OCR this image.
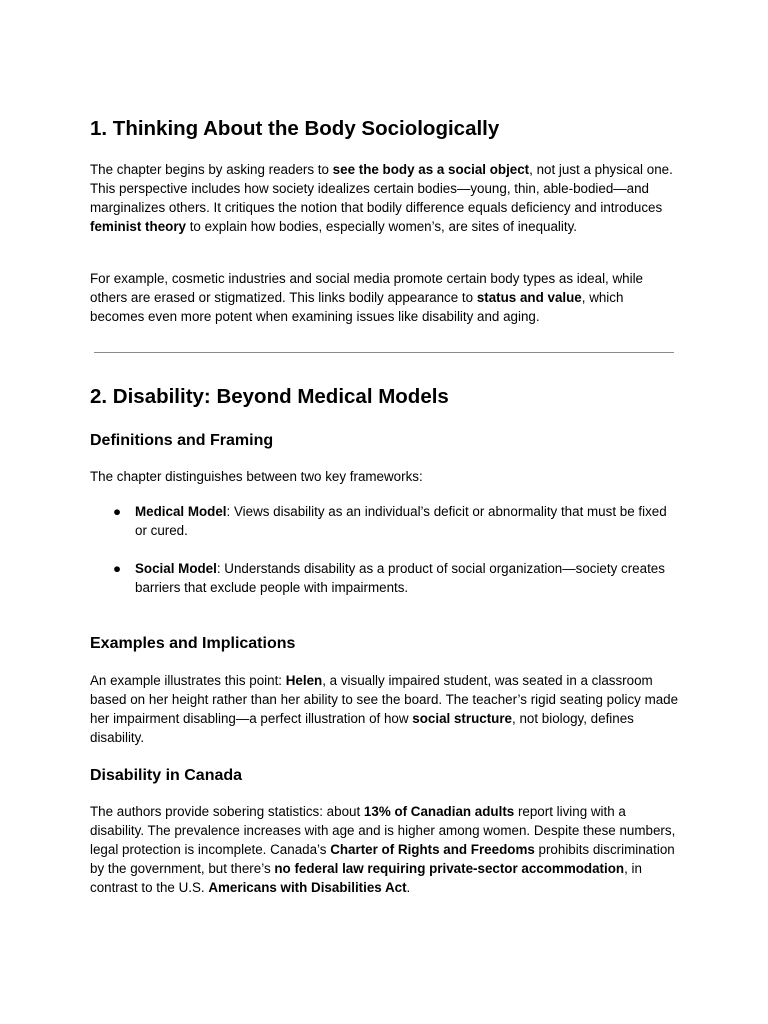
1. Thinking About the Body Sociologically

The chapter begins by asking readers to see the body as a social object, not just a physical one. This perspective includes how society idealizes certain bodies—young, thin, able-bodied—and marginalizes others. It critiques the notion that bodily difference equals deficiency and introduces feminist theory to explain how bodies, especially women’s, are sites of inequality.

For example, cosmetic industries and social media promote certain body types as ideal, while others are erased or stigmatized. This links bodily appearance to status and value, which becomes even more potent when examining issues like disability and aging.

2. Disability: Beyond Medical Models
Definitions and Framing

The chapter distinguishes between two key frameworks:

●	Medical Model: Views disability as an individual’s deficit or abnormality that must be fixed or cured.
●	Social Model: Understands disability as a product of social organization—society creates barriers that exclude people with impairments.
Examples and Implications

An example illustrates this point: Helen, a visually impaired student, was seated in a classroom based on her height rather than her ability to see the board. The teacher’s rigid seating policy made her impairment disabling—a perfect illustration of how social structure, not biology, defines disability.

Disability in Canada

The authors provide sobering statistics: about 13% of Canadian adults report living with a disability. The prevalence increases with age and is higher among women. Despite these numbers, legal protection is incomplete. Canada’s Charter of Rights and Freedoms prohibits discrimination by the government, but there’s no federal law requiring private-sector accommodation, in contrast to the U.S. Americans with Disabilities Act.
